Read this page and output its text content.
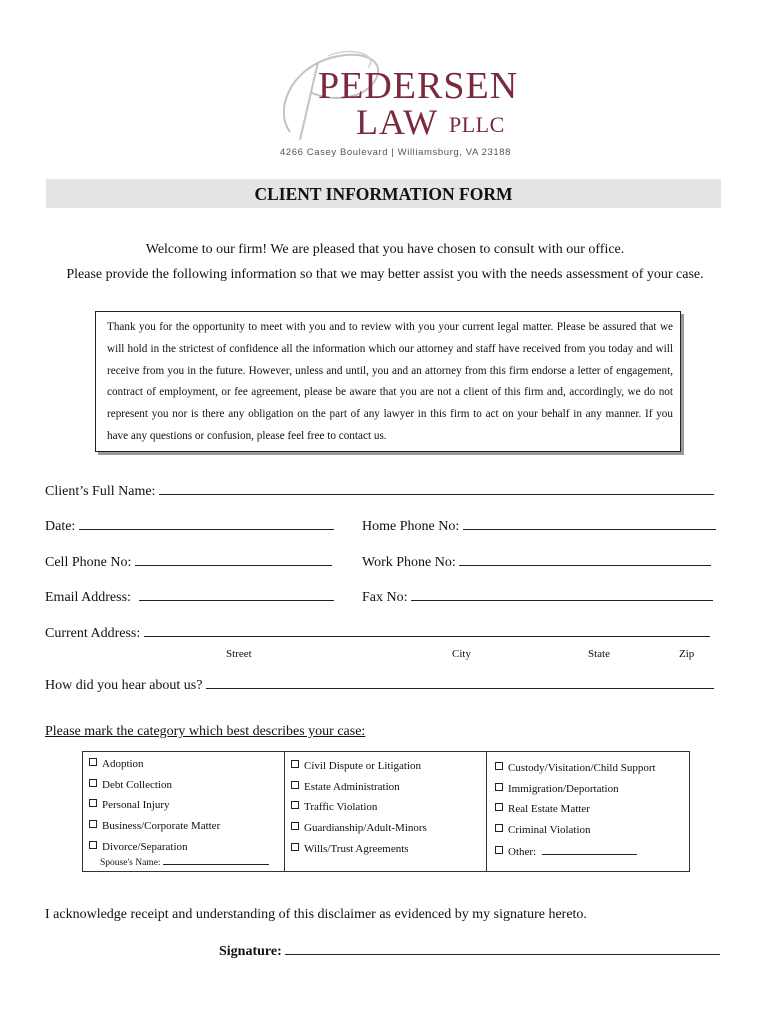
PEDERSEN
LAW PLLC
4266 Casey Boulevard | Williamsburg, VA 23188
CLIENT INFORMATION FORM
Welcome to our firm! We are pleased that you have chosen to consult with our office.
Please provide the following information so that we may better assist you with the needs assessment of your case.
Thank you for the opportunity to meet with you and to review with you your current legal matter. Please be assured that we will hold in the strictest of confidence all the information which our attorney and staff have received from you today and will receive from you in the future. However, unless and until, you and an attorney from this firm endorse a letter of engagement, contract of employment, or fee agreement, please be aware that you are not a client of this firm and, accordingly, we do not represent you nor is there any obligation on the part of any lawyer in this firm to act on your behalf in any manner. If you have any questions or confusion, please feel free to contact us.
Client’s Full Name:
Date:	Home Phone No:
Cell Phone No:	Work Phone No:
Email Address:	Fax No:
Current Address:
Street	City	State	Zip
How did you hear about us?
Please mark the category which best describes your case:
Adoption
Debt Collection
Personal Injury
Business/Corporate Matter
Divorce/Separation
Spouse's Name:
Civil Dispute or Litigation
Estate Administration
Traffic Violation
Guardianship/Adult-Minors
Wills/Trust Agreements
Custody/Visitation/Child Support
Immigration/Deportation
Real Estate Matter
Criminal Violation
Other:
I acknowledge receipt and understanding of this disclaimer as evidenced by my signature hereto.
Signature:
